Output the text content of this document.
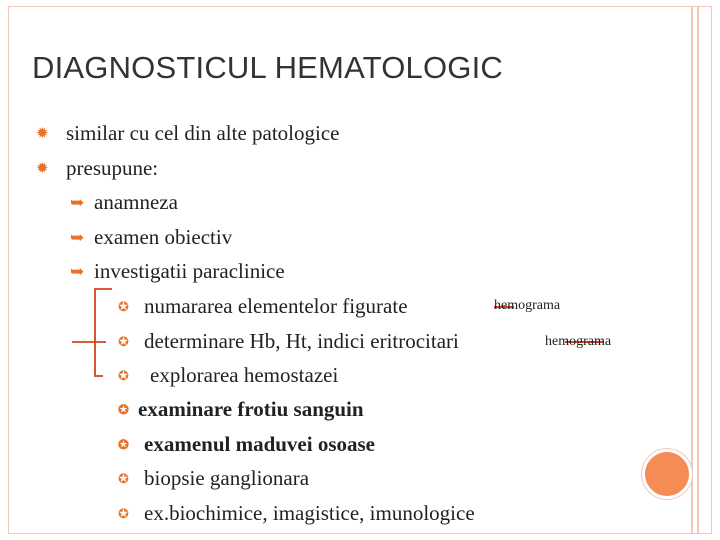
DIAGNOSTICUL HEMATOLOGIC
✹ similar cu cel din alte patologice
✹ presupune:
➥ anamneza
➥ examen obiectiv
➥ investigatii paraclinice
✪ numararea elementelor figurate
✪ determinare Hb, Ht, indici eritrocitari
✪	explorarea hemostazei
✪ examinare frotiu sanguin
✪ examenul maduvei osoase
✪ biopsie ganglionara
✪ ex.biochimice, imagistice, imunologice
hemograma
hemograma
